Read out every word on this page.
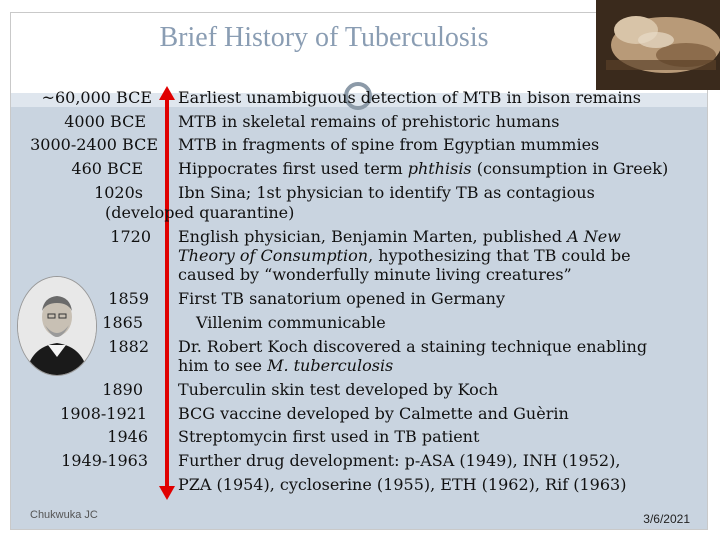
Brief History of Tuberculosis
~60,000 BCE Earliest unambiguous detection of MTB in bison remains
4000 BCE MTB in skeletal remains of prehistoric humans
3000-2400 BCE MTB in fragments of spine from Egyptian mummies
460 BCE Hippocrates first used term phthisis (consumption in Greek)
1020s Ibn Sina; 1st physician to identify TB as contagious
(developed quarantine)
1720 English physician, Benjamin Marten, published A New
Theory of Consumption, hypothesizing that TB could be
caused by “wonderfully minute living creatures”
1859 First TB sanatorium opened in Germany
1865	Villenim communicable
1882 Dr. Robert Koch discovered a staining technique enabling
him to see M. tuberculosis
1890 Tuberculin skin test developed by Koch
1908-1921 BCG vaccine developed by Calmette and Guèrin
1946 Streptomycin first used in TB patient
1949-1963 Further drug development: p-ASA (1949), INH (1952),
PZA (1954), cycloserine (1955), ETH (1962), Rif (1963)
Chukwuka JC	3/6/2021
